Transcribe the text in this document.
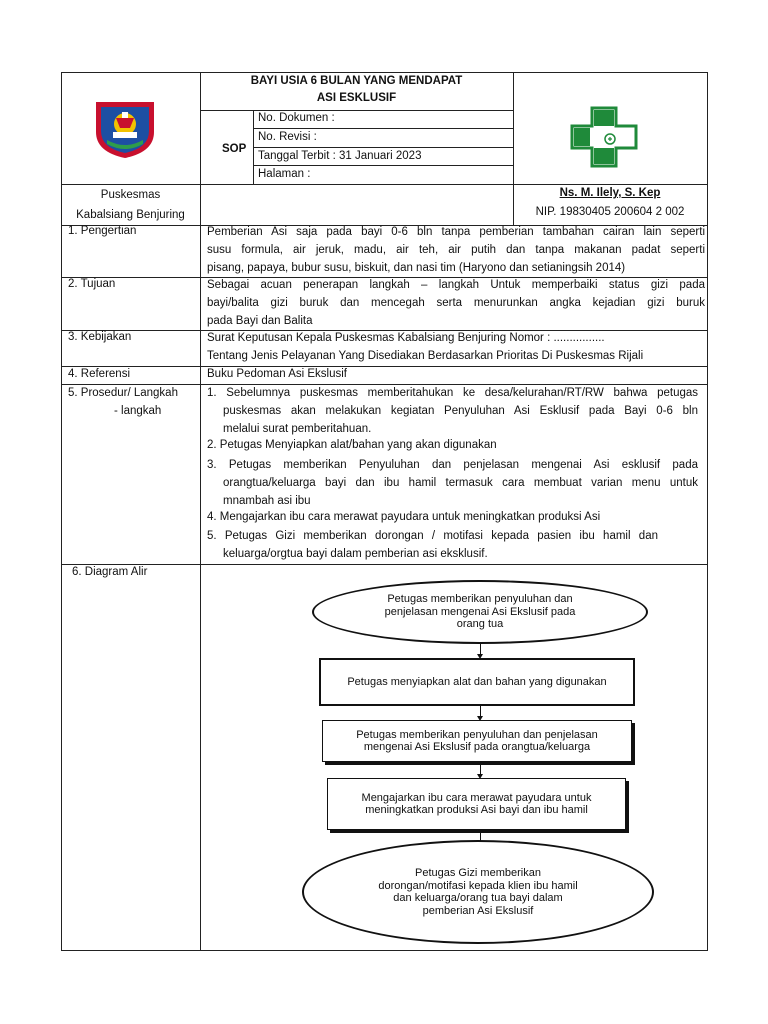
BAYI USIA 6 BULAN YANG MENDAPAT
ASI ESKLUSIF
SOP
No. Dokumen :
No. Revisi :
Tanggal Terbit : 31 Januari 2023
Halaman :
Puskesmas
Kabalsiang Benjuring
Ns. M. Ilely, S. Kep
NIP. 19830405 200604 2 002
1. Pengertian
2. Tujuan
3. Kebijakan
4. Referensi
5. Prosedur/ Langkah
- langkah
6. Diagram Alir
Pemberian Asi saja pada bayi 0-6 bln tanpa pemberian tambahan cairan lain seperti
susu formula, air jeruk, madu, air teh, air putih dan tanpa makanan padat seperti
pisang, papaya, bubur susu, biskuit, dan nasi tim (Haryono dan setianingsih 2014)
Sebagai acuan penerapan langkah – langkah Untuk memperbaiki status gizi pada
bayi/balita gizi buruk dan mencegah serta menurunkan angka kejadian gizi buruk
pada Bayi dan Balita
Surat Keputusan Kepala Puskesmas Kabalsiang Benjuring Nomor : ................
Tentang Jenis Pelayanan Yang Disediakan Berdasarkan Prioritas Di Puskesmas Rijali
Buku Pedoman Asi Ekslusif
1. Sebelumnya puskesmas memberitahukan ke desa/kelurahan/RT/RW bahwa petugas
puskesmas akan melakukan kegiatan Penyuluhan Asi Esklusif pada Bayi 0-6 bln
melalui surat pemberitahuan.
2. Petugas Menyiapkan alat/bahan yang akan digunakan
3. Petugas memberikan Penyuluhan dan penjelasan mengenai Asi esklusif pada
orangtua/keluarga bayi dan ibu hamil termasuk cara membuat varian menu untuk
mnambah asi ibu
4. Mengajarkan ibu cara merawat payudara untuk meningkatkan produksi Asi
5. Petugas Gizi memberikan dorongan / motifasi kepada pasien ibu hamil dan
keluarga/orgtua bayi dalam pemberian asi eksklusif.
Petugas memberikan penyuluhan dan
penjelasan mengenai Asi Ekslusif pada
orang tua
Petugas menyiapkan alat dan bahan yang digunakan
Petugas memberikan penyuluhan dan penjelasan
mengenai Asi Ekslusif pada orangtua/keluarga
Mengajarkan ibu cara merawat payudara untuk
meningkatkan produksi Asi bayi dan ibu hamil
Petugas Gizi memberikan
dorongan/motifasi kepada klien ibu hamil
dan keluarga/orang tua bayi dalam
pemberian Asi Ekslusif
